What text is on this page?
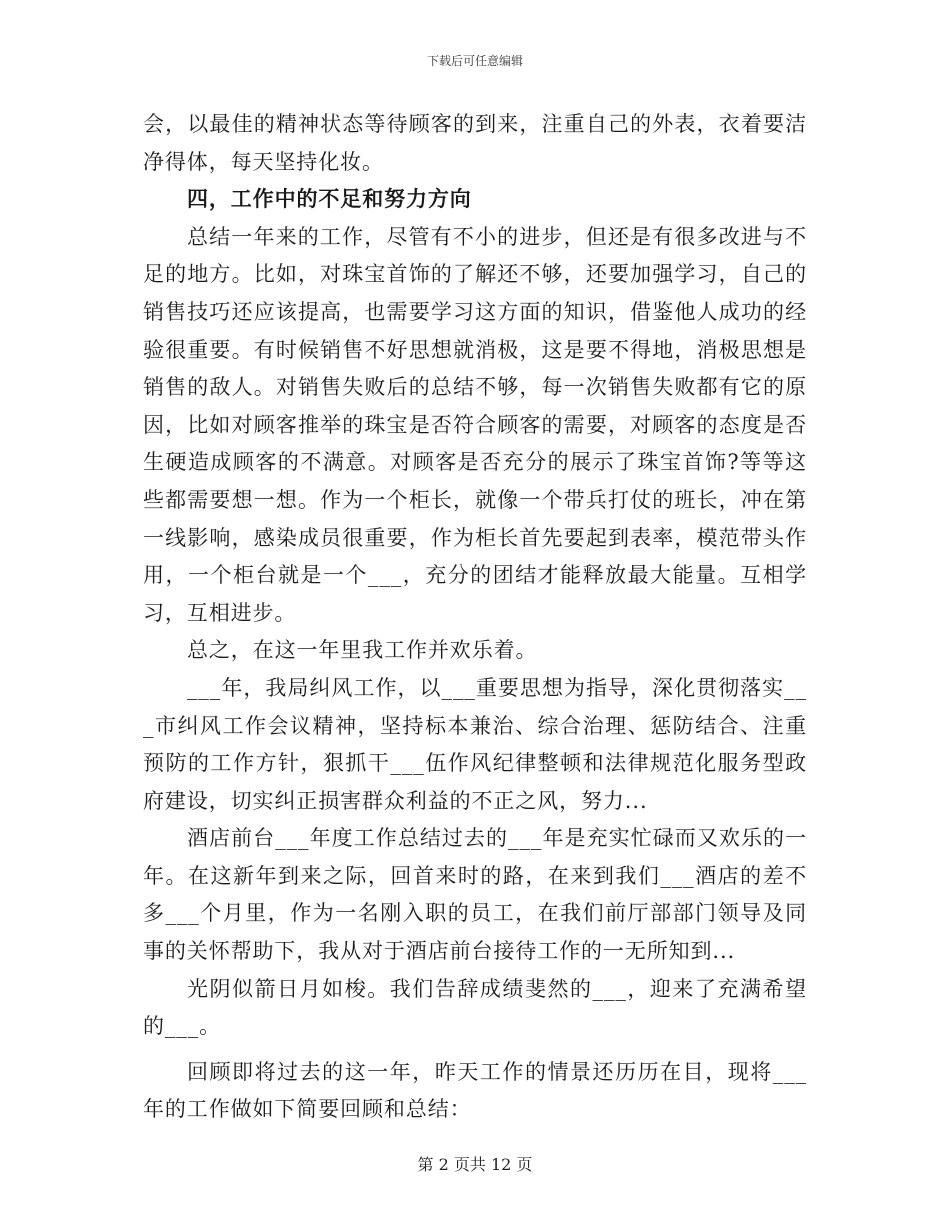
下载后可任意编辑

会，以最佳的精神状态等待顾客的到来，注重自己的外表，衣着要洁净得体，每天坚持化妆。

四，工作中的不足和努力方向

总结一年来的工作，尽管有不小的进步，但还是有很多改进与不足的地方。比如，对珠宝首饰的了解还不够，还要加强学习，自己的销售技巧还应该提高，也需要学习这方面的知识，借鉴他人成功的经验很重要。有时候销售不好思想就消极，这是要不得地，消极思想是销售的敌人。对销售失败后的总结不够，每一次销售失败都有它的原因，比如对顾客推举的珠宝是否符合顾客的需要，对顾客的态度是否生硬造成顾客的不满意。对顾客是否充分的展示了珠宝首饰?等等这些都需要想一想。作为一个柜长，就像一个带兵打仗的班长，冲在第一线影响，感染成员很重要，作为柜长首先要起到表率，模范带头作用，一个柜台就是一个___，充分的团结才能释放最大能量。互相学习，互相进步。

总之，在这一年里我工作并欢乐着。

___年，我局纠风工作，以___重要思想为指导，深化贯彻落实___市纠风工作会议精神，坚持标本兼治、综合治理、惩防结合、注重预防的工作方针，狠抓干___伍作风纪律整顿和法律规范化服务型政府建设，切实纠正损害群众利益的不正之风，努力...

酒店前台___年度工作总结过去的___年是充实忙碌而又欢乐的一年。在这新年到来之际，回首来时的路，在来到我们___酒店的差不多___个月里，作为一名刚入职的员工，在我们前厅部部门领导及同事的关怀帮助下，我从对于酒店前台接待工作的一无所知到...

光阴似箭日月如梭。我们告辞成绩斐然的___，迎来了充满希望的___。

回顾即将过去的这一年，昨天工作的情景还历历在目，现将___年的工作做如下简要回顾和总结：

第 2 页共 12 页
